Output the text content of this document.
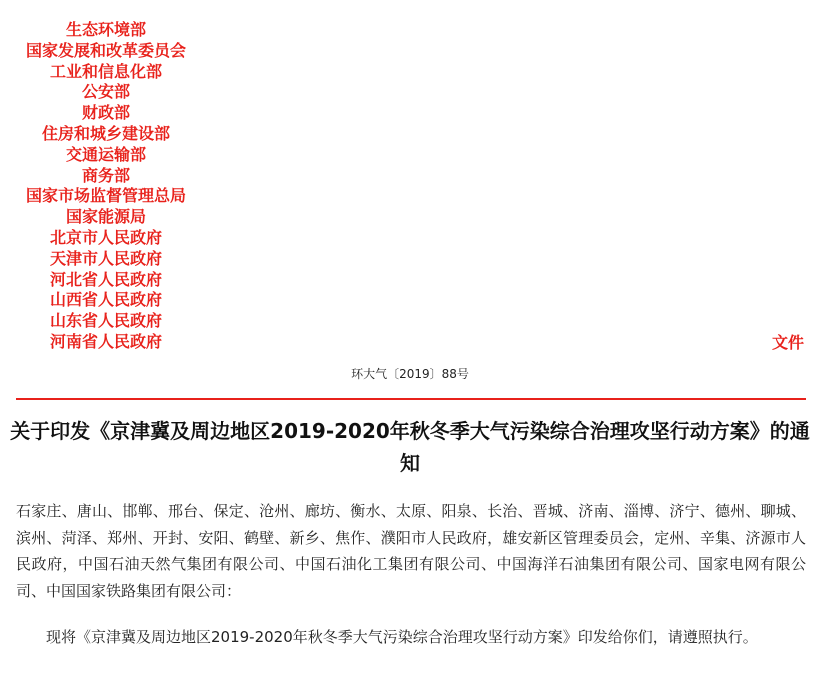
生态环境部
国家发展和改革委员会
工业和信息化部
公安部
财政部
住房和城乡建设部
交通运输部
商务部
国家市场监督管理总局
国家能源局
北京市人民政府
天津市人民政府
河北省人民政府
山西省人民政府
山东省人民政府
河南省人民政府	文件
环大气〔2019〕88号
关于印发《京津冀及周边地区2019-2020年秋冬季大气污染综合治理攻坚行动方案》的通知
石家庄、唐山、邯郸、邢台、保定、沧州、廊坊、衡水、太原、阳泉、长治、晋城、济南、淄博、济宁、德州、聊城、滨州、菏泽、郑州、开封、安阳、鹤壁、新乡、焦作、濮阳市人民政府，雄安新区管理委员会，定州、辛集、济源市人民政府，中国石油天然气集团有限公司、中国石油化工集团有限公司、中国海洋石油集团有限公司、国家电网有限公司、中国国家铁路集团有限公司：
现将《京津冀及周边地区2019-2020年秋冬季大气污染综合治理攻坚行动方案》印发给你们，请遵照执行。
